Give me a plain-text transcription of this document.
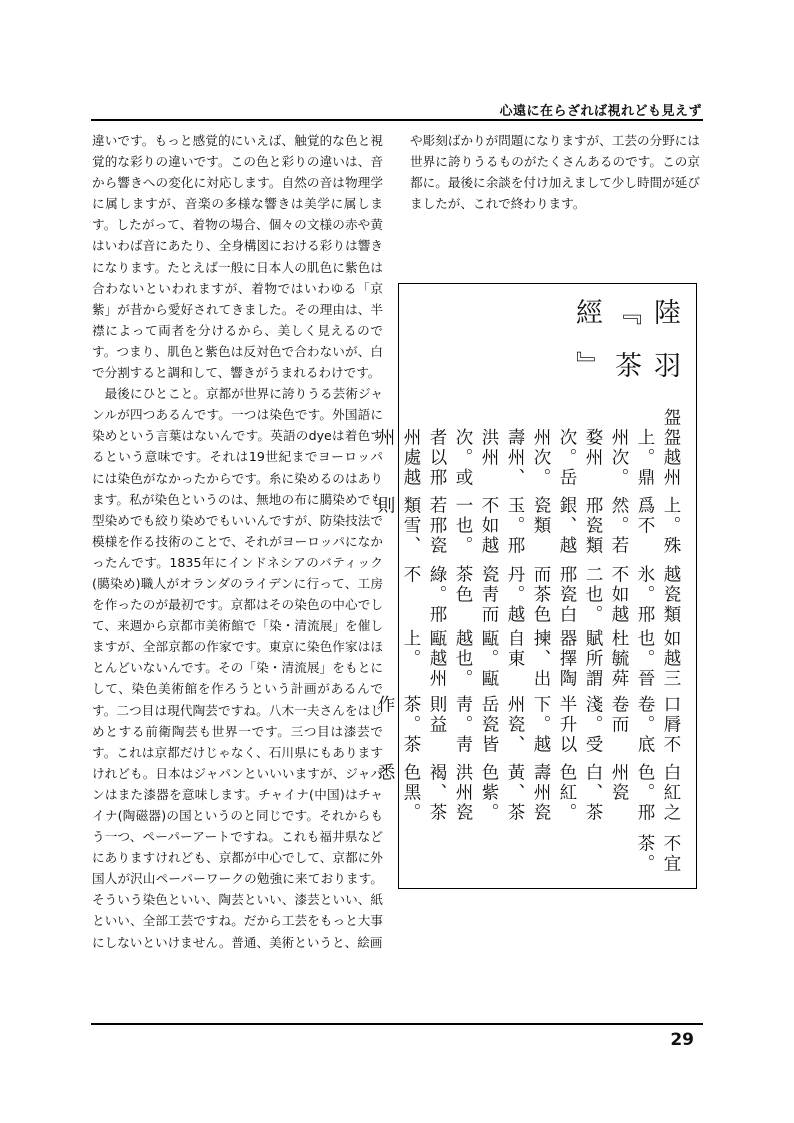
心遠に在らざれば視れども見えず

違いです。もっと感覚的にいえば、触覚的な色と視覚的な彩りの違いです。この色と彩りの違いは、音から響きへの変化に対応します。自然の音は物理学に属しますが、音楽の多様な響きは美学に属します。したがって、着物の場合、個々の文様の赤や黄はいわば音にあたり、全身構図における彩りは響きになります。たとえば一般に日本人の肌色に紫色は合わないといわれますが、着物ではいわゆる「京紫」が昔から愛好されてきました。その理由は、半襟によって両者を分けるから、美しく見えるのです。つまり、肌色と紫色は反対色で合わないが、白で分割すると調和して、響きがうまれるわけです。

最後にひとこと。京都が世界に誇りうる芸術ジャンルが四つあるんです。一つは染色です。外国語に染めという言葉はないんです。英語のdyeは着色するという意味です。それは19世紀までヨーロッパには染色がなかったからです。糸に染めるのはあります。私が染色というのは、無地の布に臈染めでも型染めでも絞り染めでもいいんですが、防染技法で模様を作る技術のことで、それがヨーロッパになかったんです。1835年にインドネシアのバティック(臈染め)職人がオランダのライデンに行って、工房を作ったのが最初です。京都はその染色の中心でして、来週から京都市美術館で「染・清流展」を催しますが、全部京都の作家です。東京に染色作家はほとんどいないんです。その「染・清流展」をもとにして、染色美術館を作ろうという計画があるんです。二つ目は現代陶芸ですね。八木一夫さんをはじめとする前衛陶芸も世界一です。三つ目は漆芸です。これは京都だけじゃなく、石川県にもありますけれども。日本はジャパンといいいますが、ジャパンはまた漆器を意味します。チャイナ(中国)はチャイナ(陶磁器)の国というのと同じです。それからもう一つ、ペーパーアートですね。これも福井県などにありますけれども、京都が中心でして、京都に外国人が沢山ペーパーワークの勉強に来ております。そういう染色といい、陶芸といい、漆芸といい、紙といい、全部工芸ですね。だから工芸をもっと大事にしないといけません。普通、美術というと、絵画

や彫刻ばかりが問題になりますが、工芸の分野には世界に誇りうるものがたくさんあるのです。この京都に。最後に余談を付け加えまして少し時間が延びましたが、これで終わります。

陸羽『茶經』
盌
盌越州上。鼎州次。婺州次。岳州次。壽州、洪州次。或者以邢州處越州
上。殊爲不然。若邢瓷類銀、越瓷類玉。邢不如越一也。若邢瓷類雪、則
越瓷類氷。邢不如越二也。邢瓷白而茶色丹。越瓷靑而茶色綠。邢不
如越三也。晉杜毓荈賦所謂器擇陶揀、出自東甌。甌越也。甌越州上。
口脣不卷。底卷而淺。受半升以下。越州瓷、岳瓷皆靑。靑則益茶。茶作
白紅之色。邢州瓷白、茶色紅。壽州瓷黃、茶色紫。洪州瓷褐、茶色黑。悉
不宜茶。
29
